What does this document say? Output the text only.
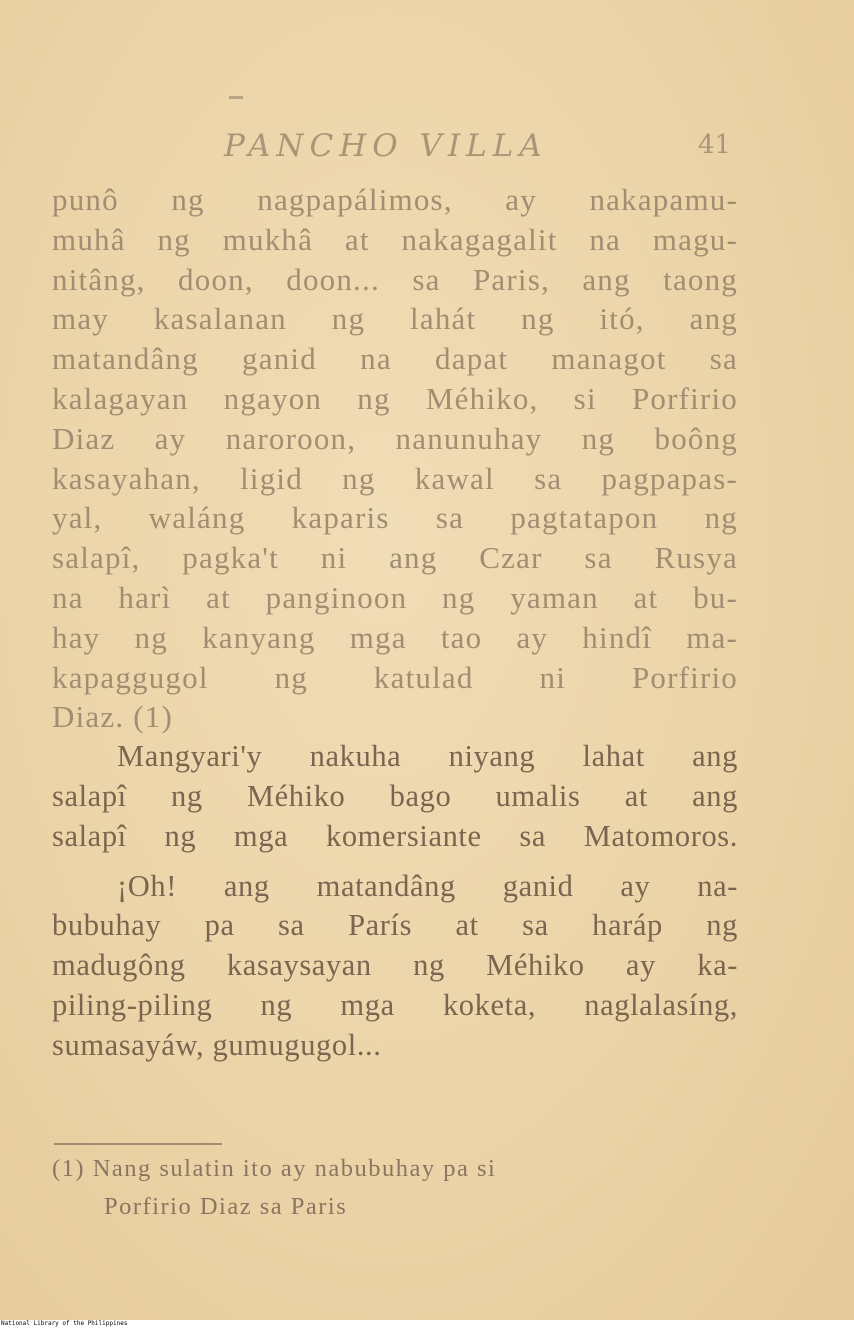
PANCHO VILLA	41
punô ng nagpapálimos, ay nakapamu-
muhâ ng mukhâ at nakagagalit na magu-
nitâng, doon, doon... sa Paris, ang taong
may kasalanan ng lahát ng itó, ang
matandâng ganid na dapat managot sa
kalagayan ngayon ng Méhiko, si Porfirio
Diaz ay naroroon, nanunuhay ng boông
kasayahan, ligid ng kawal sa pagpapas-
yal, waláng kaparis sa pagtatapon ng
salapî, pagka't ni ang Czar sa Rusya
na harì at panginoon ng yaman at bu-
hay ng kanyang mga tao ay hindî ma-
kapaggugol ng katulad ni Porfirio
Diaz. (1)
Mangyari'y nakuha niyang lahat ang
salapî ng Méhiko bago umalis at ang
salapî ng mga komersiante sa Matomoros.
¡Oh! ang matandâng ganid ay na-
bubuhay pa sa París at sa haráp ng
madugông kasaysayan ng Méhiko ay ka-
piling-piling ng mga koketa, naglalasíng,
sumasayáw, gumugugol...
(1) Nang sulatin ito ay nabubuhay pa si
Porfirio Diaz sa Paris
National Library of the Philippines
